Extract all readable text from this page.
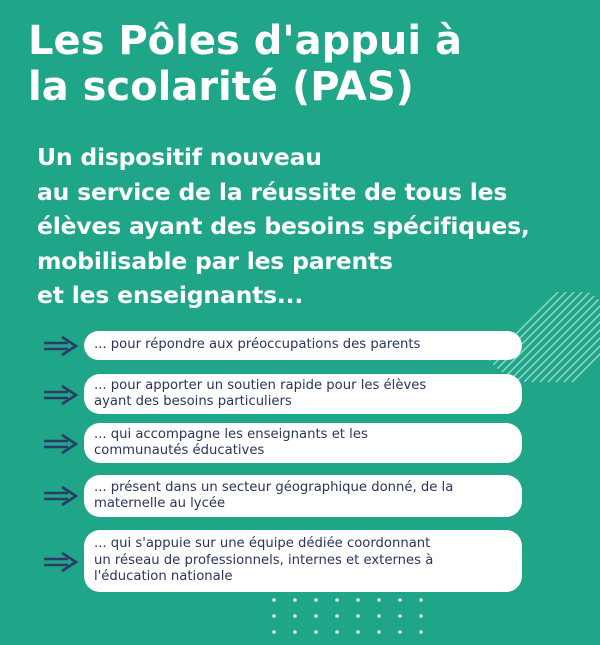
Les Pôles d'appui à
la scolarité (PAS)
Un dispositif nouveau
au service de la réussite de tous les
élèves ayant des besoins spécifiques,
mobilisable par les parents
et les enseignants...
... pour répondre aux préoccupations des parents
... pour apporter un soutien rapide pour les élèves
ayant des besoins particuliers
... qui accompagne les enseignants et les
communautés éducatives
... présent dans un secteur géographique donné, de la
maternelle au lycée
... qui s'appuie sur une équipe dédiée coordonnant
un réseau de professionnels, internes et externes à
l'éducation nationale
